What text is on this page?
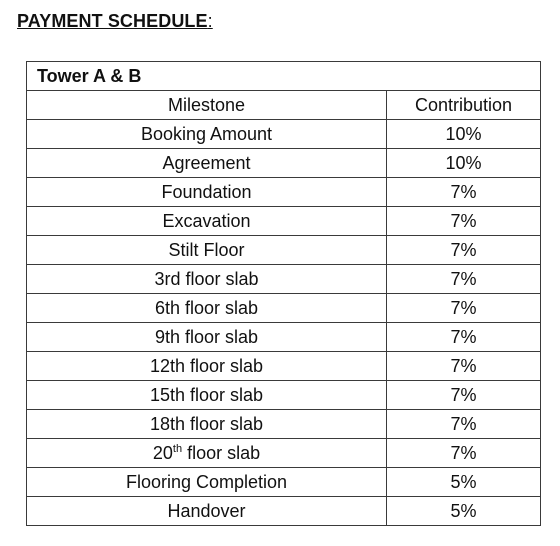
PAYMENT SCHEDULE:
Tower A & B	
Milestone	Contribution
Booking Amount	10%
Agreement	10%
Foundation	7%
Excavation	7%
Stilt Floor	7%
3rd floor slab	7%
6th floor slab	7%
9th floor slab	7%
12th floor slab	7%
15th floor slab	7%
18th floor slab	7%
20th floor slab	7%
Flooring Completion	5%
Handover	5%
